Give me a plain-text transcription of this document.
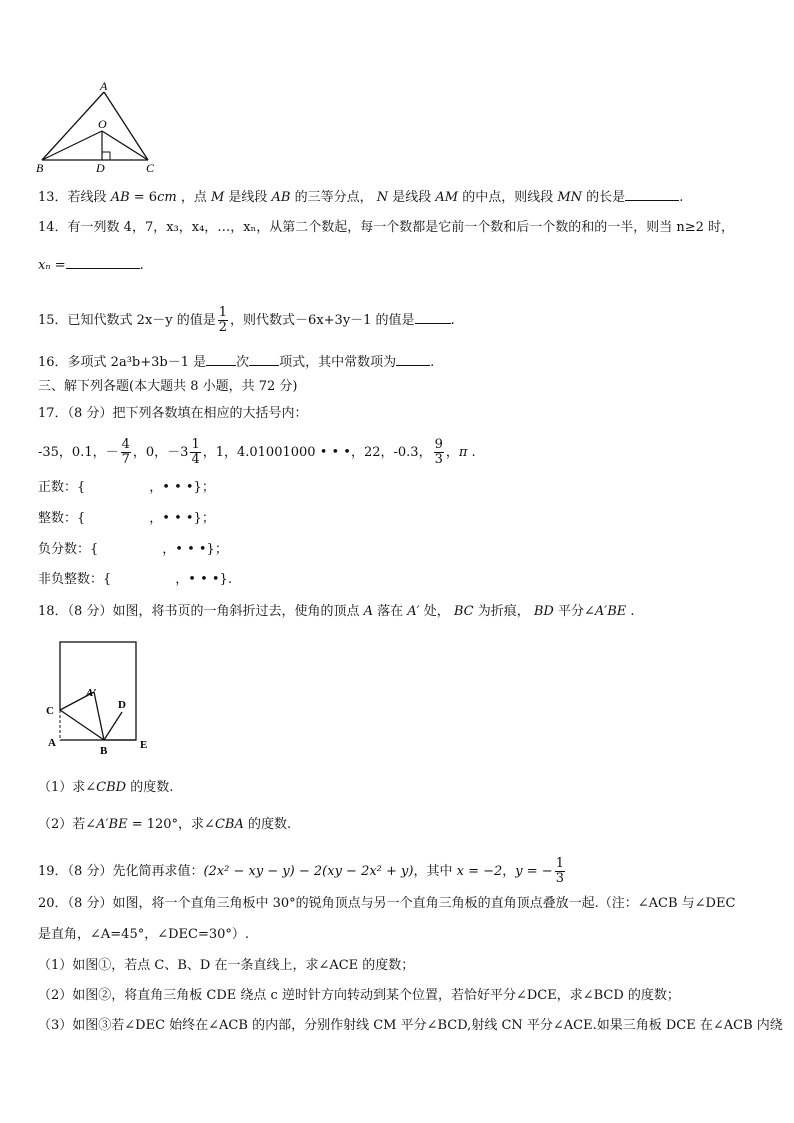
A
O
B	D	C
13．若线段 AB = 6cm ，点 M 是线段 AB 的三等分点， N 是线段 AM 的中点，则线段 MN 的长是	.
14．有一列数 4，7，x₃，x₄，…，xₙ，从第二个数起，每一个数都是它前一个数和后一个数的和的一半，则当 n≥2 时，
xₙ =	.
15．已知代数式 2x－y 的值是 $\frac{1}{2}$ ，则代数式－6x+3y－1 的值是	.
16．多项式 2a³b+3b－1 是 次 项式，其中常数项为	.
三、解下列各题(本大题共 8 小题，共 72 分)
17．（8 分）把下列各数填在相应的大括号内：
-35，0.1，－ $\frac{4}{7}$ ，0，$-3 \frac{1}{4}$ ，1，4.01001000 • • •，22，-0.3， $\frac{9}{3}$ ，π .
正数：{	，• • •}；
整数：{	，• • •}；
负分数：{	，• • •}；
非负整数：{	，• • •}.
18．（8 分）如图，将书页的一角斜折过去，使角的顶点 A 落在 A′ 处， BC 为折痕， BD 平分∠A′BE .
A′
D
C
A
B	E
（1）求∠CBD 的度数.
（2）若∠A′BE = 120°，求∠CBA 的度数.
19．（8 分）先化简再求值：(2x² − xy − y) − 2(xy − 2x² + y)，其中 x = −2，y = − $\frac{1}{3}$
20．（8 分）如图，将一个直角三角板中 30°的锐角顶点与另一个直角三角板的直角顶点叠放一起.（注：∠ACB 与∠DEC
是直角，∠A=45°，∠DEC=30°）.
（1）如图①，若点 C、B、D 在一条直线上，求∠ACE 的度数；
（2）如图②，将直角三角板 CDE 绕点 c 逆时针方向转动到某个位置，若恰好平分∠DCE，求∠BCD 的度数；
（3）如图③若∠DEC 始终在∠ACB 的内部，分别作射线 CM 平分∠BCD,射线 CN 平分∠ACE.如果三角板 DCE 在∠ACB 内绕
